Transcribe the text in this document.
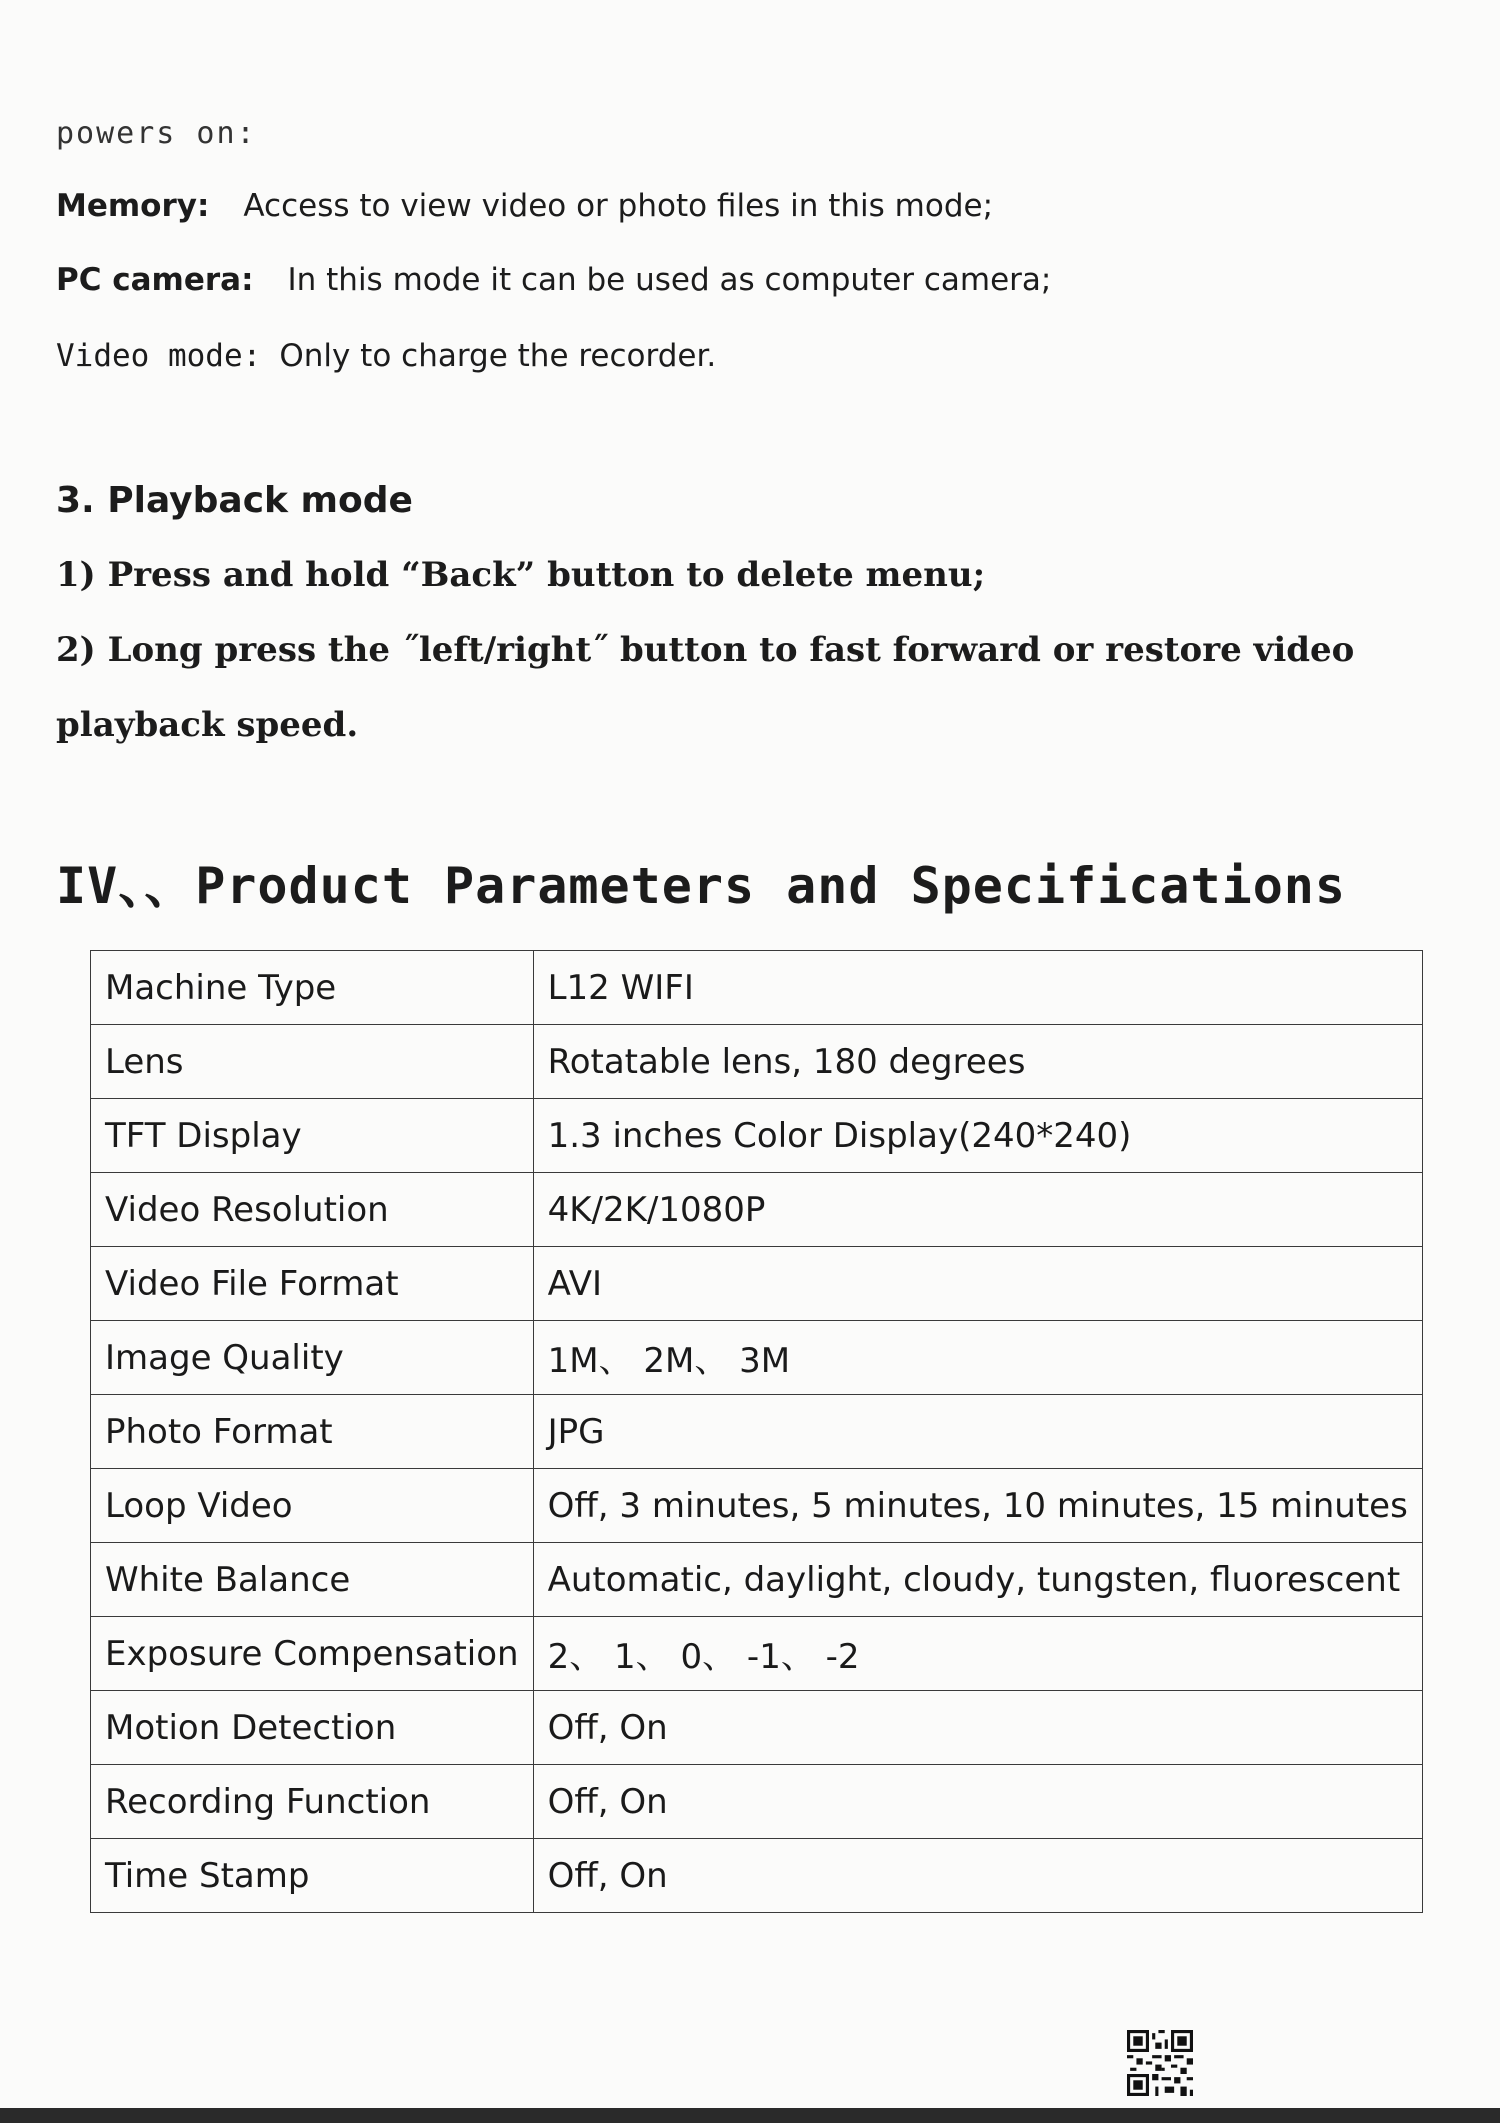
powers on:
Memory: Access to view video or photo files in this mode;
PC camera: In this mode it can be used as computer camera;
Video mode: Only to charge the recorder.
3. Playback mode
1) Press and hold “Back” button to delete menu;
2) Long press the ˝left/right˝ button to fast forward or restore video
playback speed.
IV、、Product Parameters and Specifications
Machine Type	L12 WIFI
Lens	Rotatable lens, 180 degrees
TFT Display	1.3 inches Color Display(240*240)
Video Resolution	4K/2K/1080P
Video File Format	AVI
Image Quality	1M、 2M、 3M
Photo Format	JPG
Loop Video	Off, 3 minutes, 5 minutes, 10 minutes, 15 minutes
White Balance	Automatic, daylight, cloudy, tungsten, fluorescent
Exposure Compensation	2、 1、 0、 -1、 -2
Motion Detection	Off, On
Recording Function	Off, On
Time Stamp	Off, On
